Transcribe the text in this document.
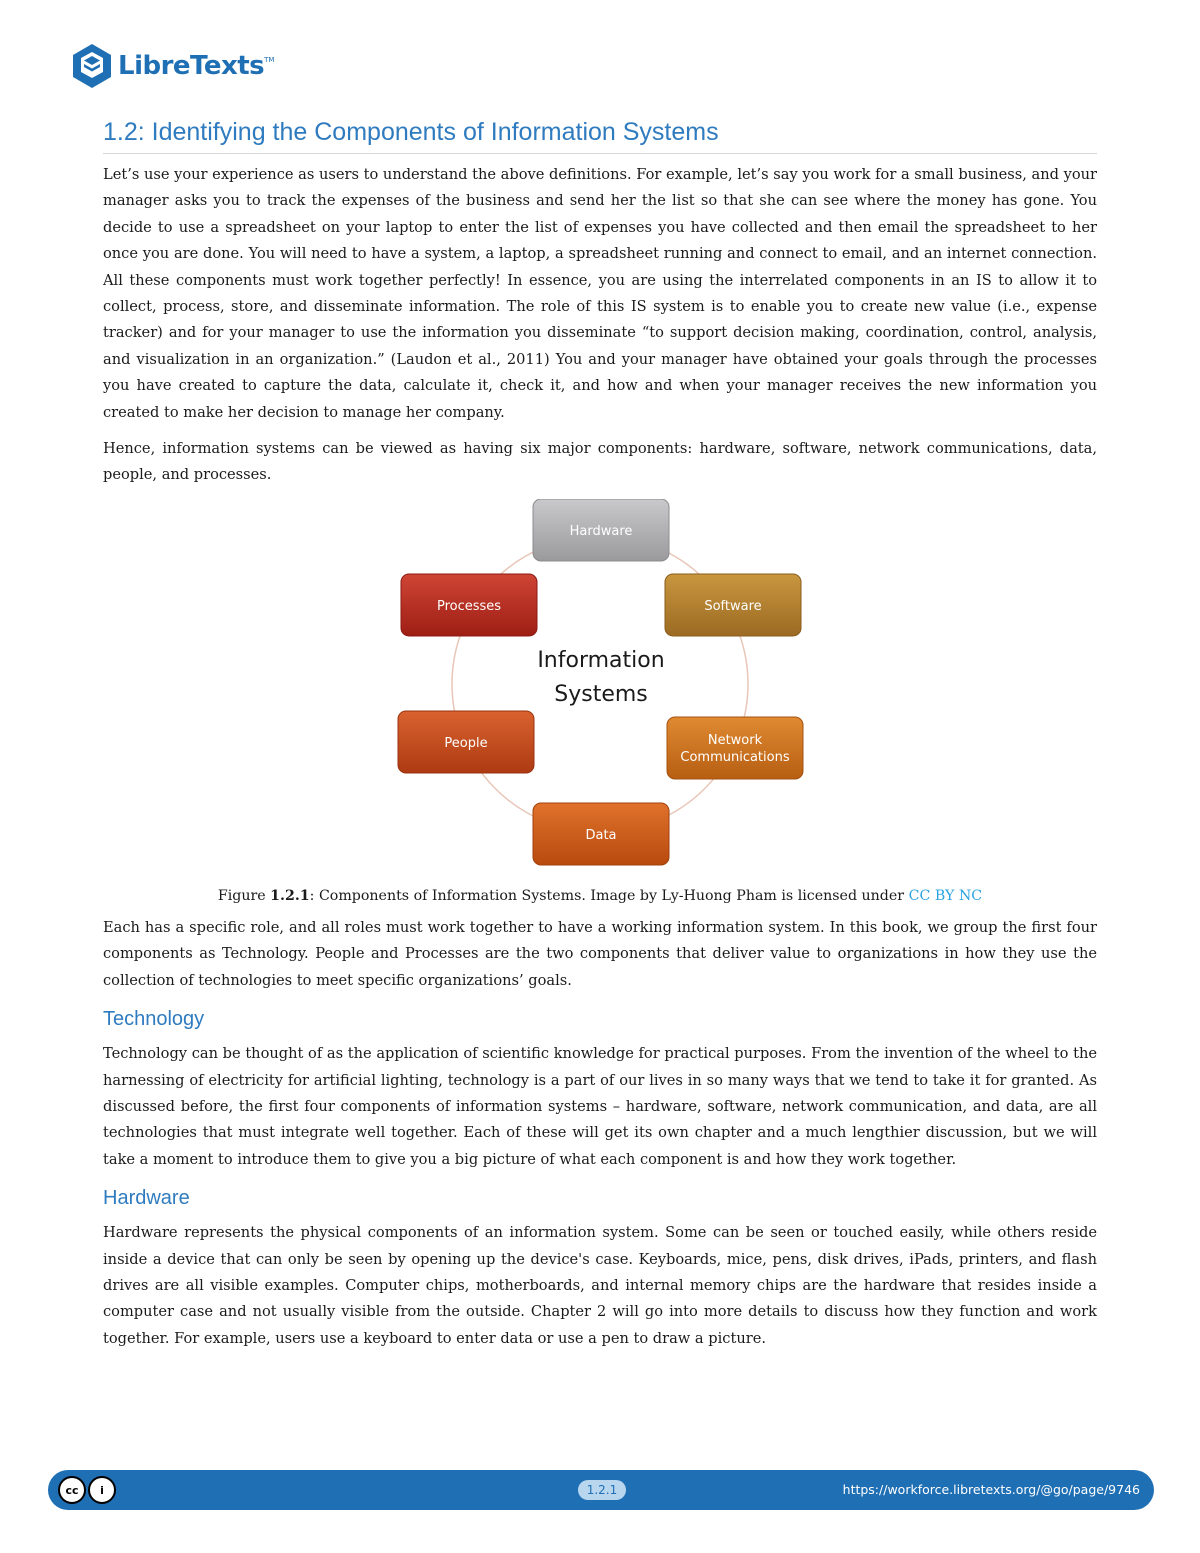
LibreTexts TM
1.2: Identifying the Components of Information Systems

Let’s use your experience as users to understand the above definitions. For example, let’s say you work for a small business, and your manager asks you to track the expenses of the business and send her the list so that she can see where the money has gone. You decide to use a spreadsheet on your laptop to enter the list of expenses you have collected and then email the spreadsheet to her once you are done. You will need to have a system, a laptop, a spreadsheet running and connect to email, and an internet connection. All these components must work together perfectly! In essence, you are using the interrelated components in an IS to allow it to collect, process, store, and disseminate information. The role of this IS system is to enable you to create new value (i.e., expense tracker) and for your manager to use the information you disseminate “to support decision making, coordination, control, analysis, and visualization in an organization.” (Laudon et al., 2011) You and your manager have obtained your goals through the processes you have created to capture the data, calculate it, check it, and how and when your manager receives the new information you created to make her decision to manage her company.

Hence, information systems can be viewed as having six major components: hardware, software, network communications, data, people, and processes.

Hardware
Software
Network
Communications
Data
People
Processes
Information
Systems
Figure 1.2.1: Components of Information Systems. Image by Ly-Huong Pham is licensed under CC BY NC

Each has a specific role, and all roles must work together to have a working information system. In this book, we group the first four components as Technology. People and Processes are the two components that deliver value to organizations in how they use the collection of technologies to meet specific organizations’ goals.

Technology

Technology can be thought of as the application of scientific knowledge for practical purposes. From the invention of the wheel to the harnessing of electricity for artificial lighting, technology is a part of our lives in so many ways that we tend to take it for granted. As discussed before, the first four components of information systems – hardware, software, network communication, and data, are all technologies that must integrate well together. Each of these will get its own chapter and a much lengthier discussion, but we will take a moment to introduce them to give you a big picture of what each component is and how they work together.

Hardware

Hardware represents the physical components of an information system. Some can be seen or touched easily, while others reside inside a device that can only be seen by opening up the device's case. Keyboards, mice, pens, disk drives, iPads, printers, and flash drives are all visible examples. Computer chips, motherboards, and internal memory chips are the hardware that resides inside a computer case and not usually visible from the outside. Chapter 2 will go into more details to discuss how they function and work together. For example, users use a keyboard to enter data or use a pen to draw a picture.

cc	i	1.2.1	https://workforce.libretexts.org/@go/page/9746
